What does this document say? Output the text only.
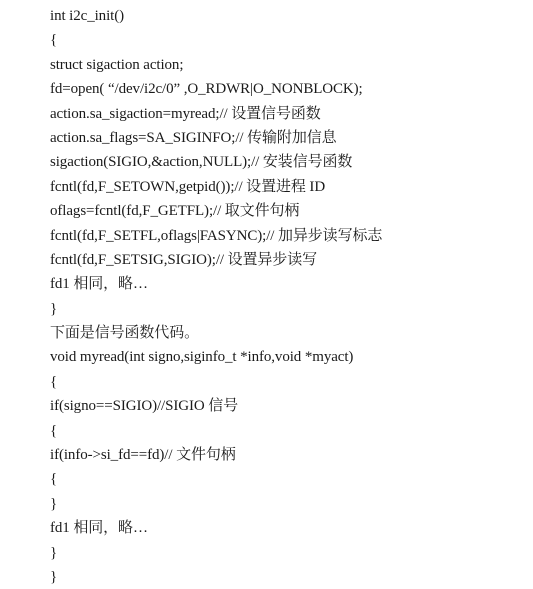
int i2c_init()
{
struct sigaction action;
fd=open( “/dev/i2c/0” ,O_RDWR|O_NONBLOCK);
action.sa_sigaction=myread;// 设置信号函数
action.sa_flags=SA_SIGINFO;// 传输附加信息
sigaction(SIGIO,&action,NULL);// 安装信号函数
fcntl(fd,F_SETOWN,getpid());// 设置进程 ID
oflags=fcntl(fd,F_GETFL);// 取文件句柄
fcntl(fd,F_SETFL,oflags|FASYNC);// 加异步读写标志
fcntl(fd,F_SETSIG,SIGIO);// 设置异步读写
fd1 相同，略…
}
下面是信号函数代码。
void myread(int signo,siginfo_t *info,void *myact)
{
if(signo==SIGIO)//SIGIO 信号
{
if(info->si_fd==fd)// 文件句柄
{
}
fd1 相同，略…
}
}
